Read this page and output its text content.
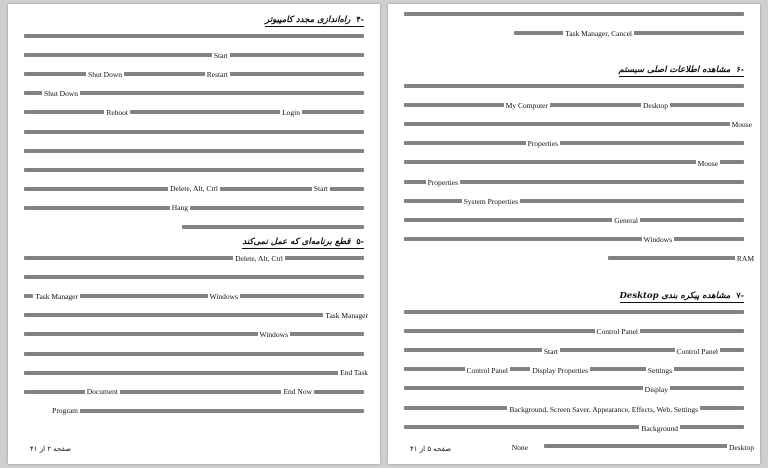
-۴راه‌اندازی مجدد کامپیوتر
-۵قطع برنامه‌ای که عمل نمی‌کند
Start
Shut Down	Restart
Shut Down
Reboot	Login
Delete, Alt, Ctrl	Start
Hang
Delete, Alt, Ctrl
Windows
Task Manager
Task Manager
Windows
End Task
Document	End Now
Program
صفحه ۲ از ۴۱
-۶مشاهده اطلاعات اصلی سیستم
-۷مشاهده پیکره بندی Desktop
Task Manager, Cancel
My Computer	Desktop
Mouse
Properties
Mouse
Properties
System Properties
General
Windows
RAM
Control Panel
Start	Control Panel
Settings
Display Properties
Control Panel
Display
Background, Screen Saver, Appearance, Effects, Web, Settings
Background
Desktop
None
صفحه ۵ از ۴۱
